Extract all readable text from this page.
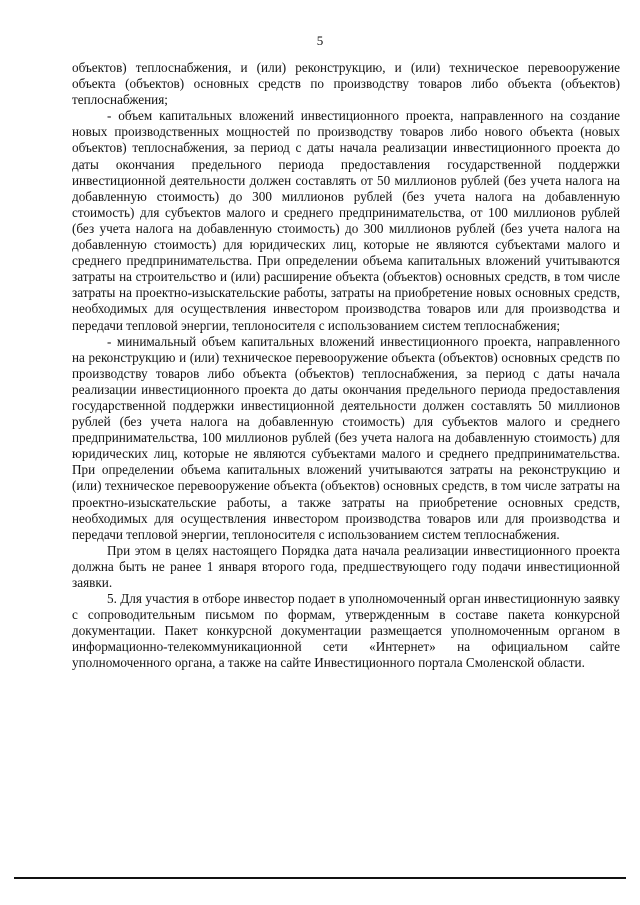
5

объектов) теплоснабжения, и (или) реконструкцию, и (или) техническое перевооружение объекта (объектов) основных средств по производству товаров либо объекта (объектов) теплоснабжения;

- объем капитальных вложений инвестиционного проекта, направленного на создание новых производственных мощностей по производству товаров либо нового объекта (новых объектов) теплоснабжения, за период с даты начала реализации инвестиционного проекта до даты окончания предельного периода предоставления государственной поддержки инвестиционной деятельности должен составлять от 50 миллионов рублей (без учета налога на добавленную стоимость) до 300 миллионов рублей (без учета налога на добавленную стоимость) для субъектов малого и среднего предпринимательства, от 100 миллионов рублей (без учета налога на добавленную стоимость) до 300 миллионов рублей (без учета налога на добавленную стоимость) для юридических лиц, которые не являются субъектами малого и среднего предпринимательства. При определении объема капитальных вложений учитываются затраты на строительство и (или) расширение объекта (объектов) основных средств, в том числе затраты на проектно-изыскательские работы, затраты на приобретение новых основных средств, необходимых для осуществления инвестором производства товаров или для производства и передачи тепловой энергии, теплоносителя с использованием систем теплоснабжения;

- минимальный объем капитальных вложений инвестиционного проекта, направленного на реконструкцию и (или) техническое перевооружение объекта (объектов) основных средств по производству товаров либо объекта (объектов) теплоснабжения, за период с даты начала реализации инвестиционного проекта до даты окончания предельного периода предоставления государственной поддержки инвестиционной деятельности должен составлять 50 миллионов рублей (без учета налога на добавленную стоимость) для субъектов малого и среднего предпринимательства, 100 миллионов рублей (без учета налога на добавленную стоимость) для юридических лиц, которые не являются субъектами малого и среднего предпринимательства. При определении объема капитальных вложений учитываются затраты на реконструкцию и (или) техническое перевооружение объекта (объектов) основных средств, в том числе затраты на проектно-изыскательские работы, а также затраты на приобретение основных средств, необходимых для осуществления инвестором производства товаров или для производства и передачи тепловой энергии, теплоносителя с использованием систем теплоснабжения.

При этом в целях настоящего Порядка дата начала реализации инвестиционного проекта должна быть не ранее 1 января второго года, предшествующего году подачи инвестиционной заявки.

5. Для участия в отборе инвестор подает в уполномоченный орган инвестиционную заявку с сопроводительным письмом по формам, утвержденным в составе пакета конкурсной документации. Пакет конкурсной документации размещается уполномоченным органом в информационно-телекоммуникационной сети «Интернет» на официальном сайте уполномоченного органа, а также на сайте Инвестиционного портала Смоленской области.
